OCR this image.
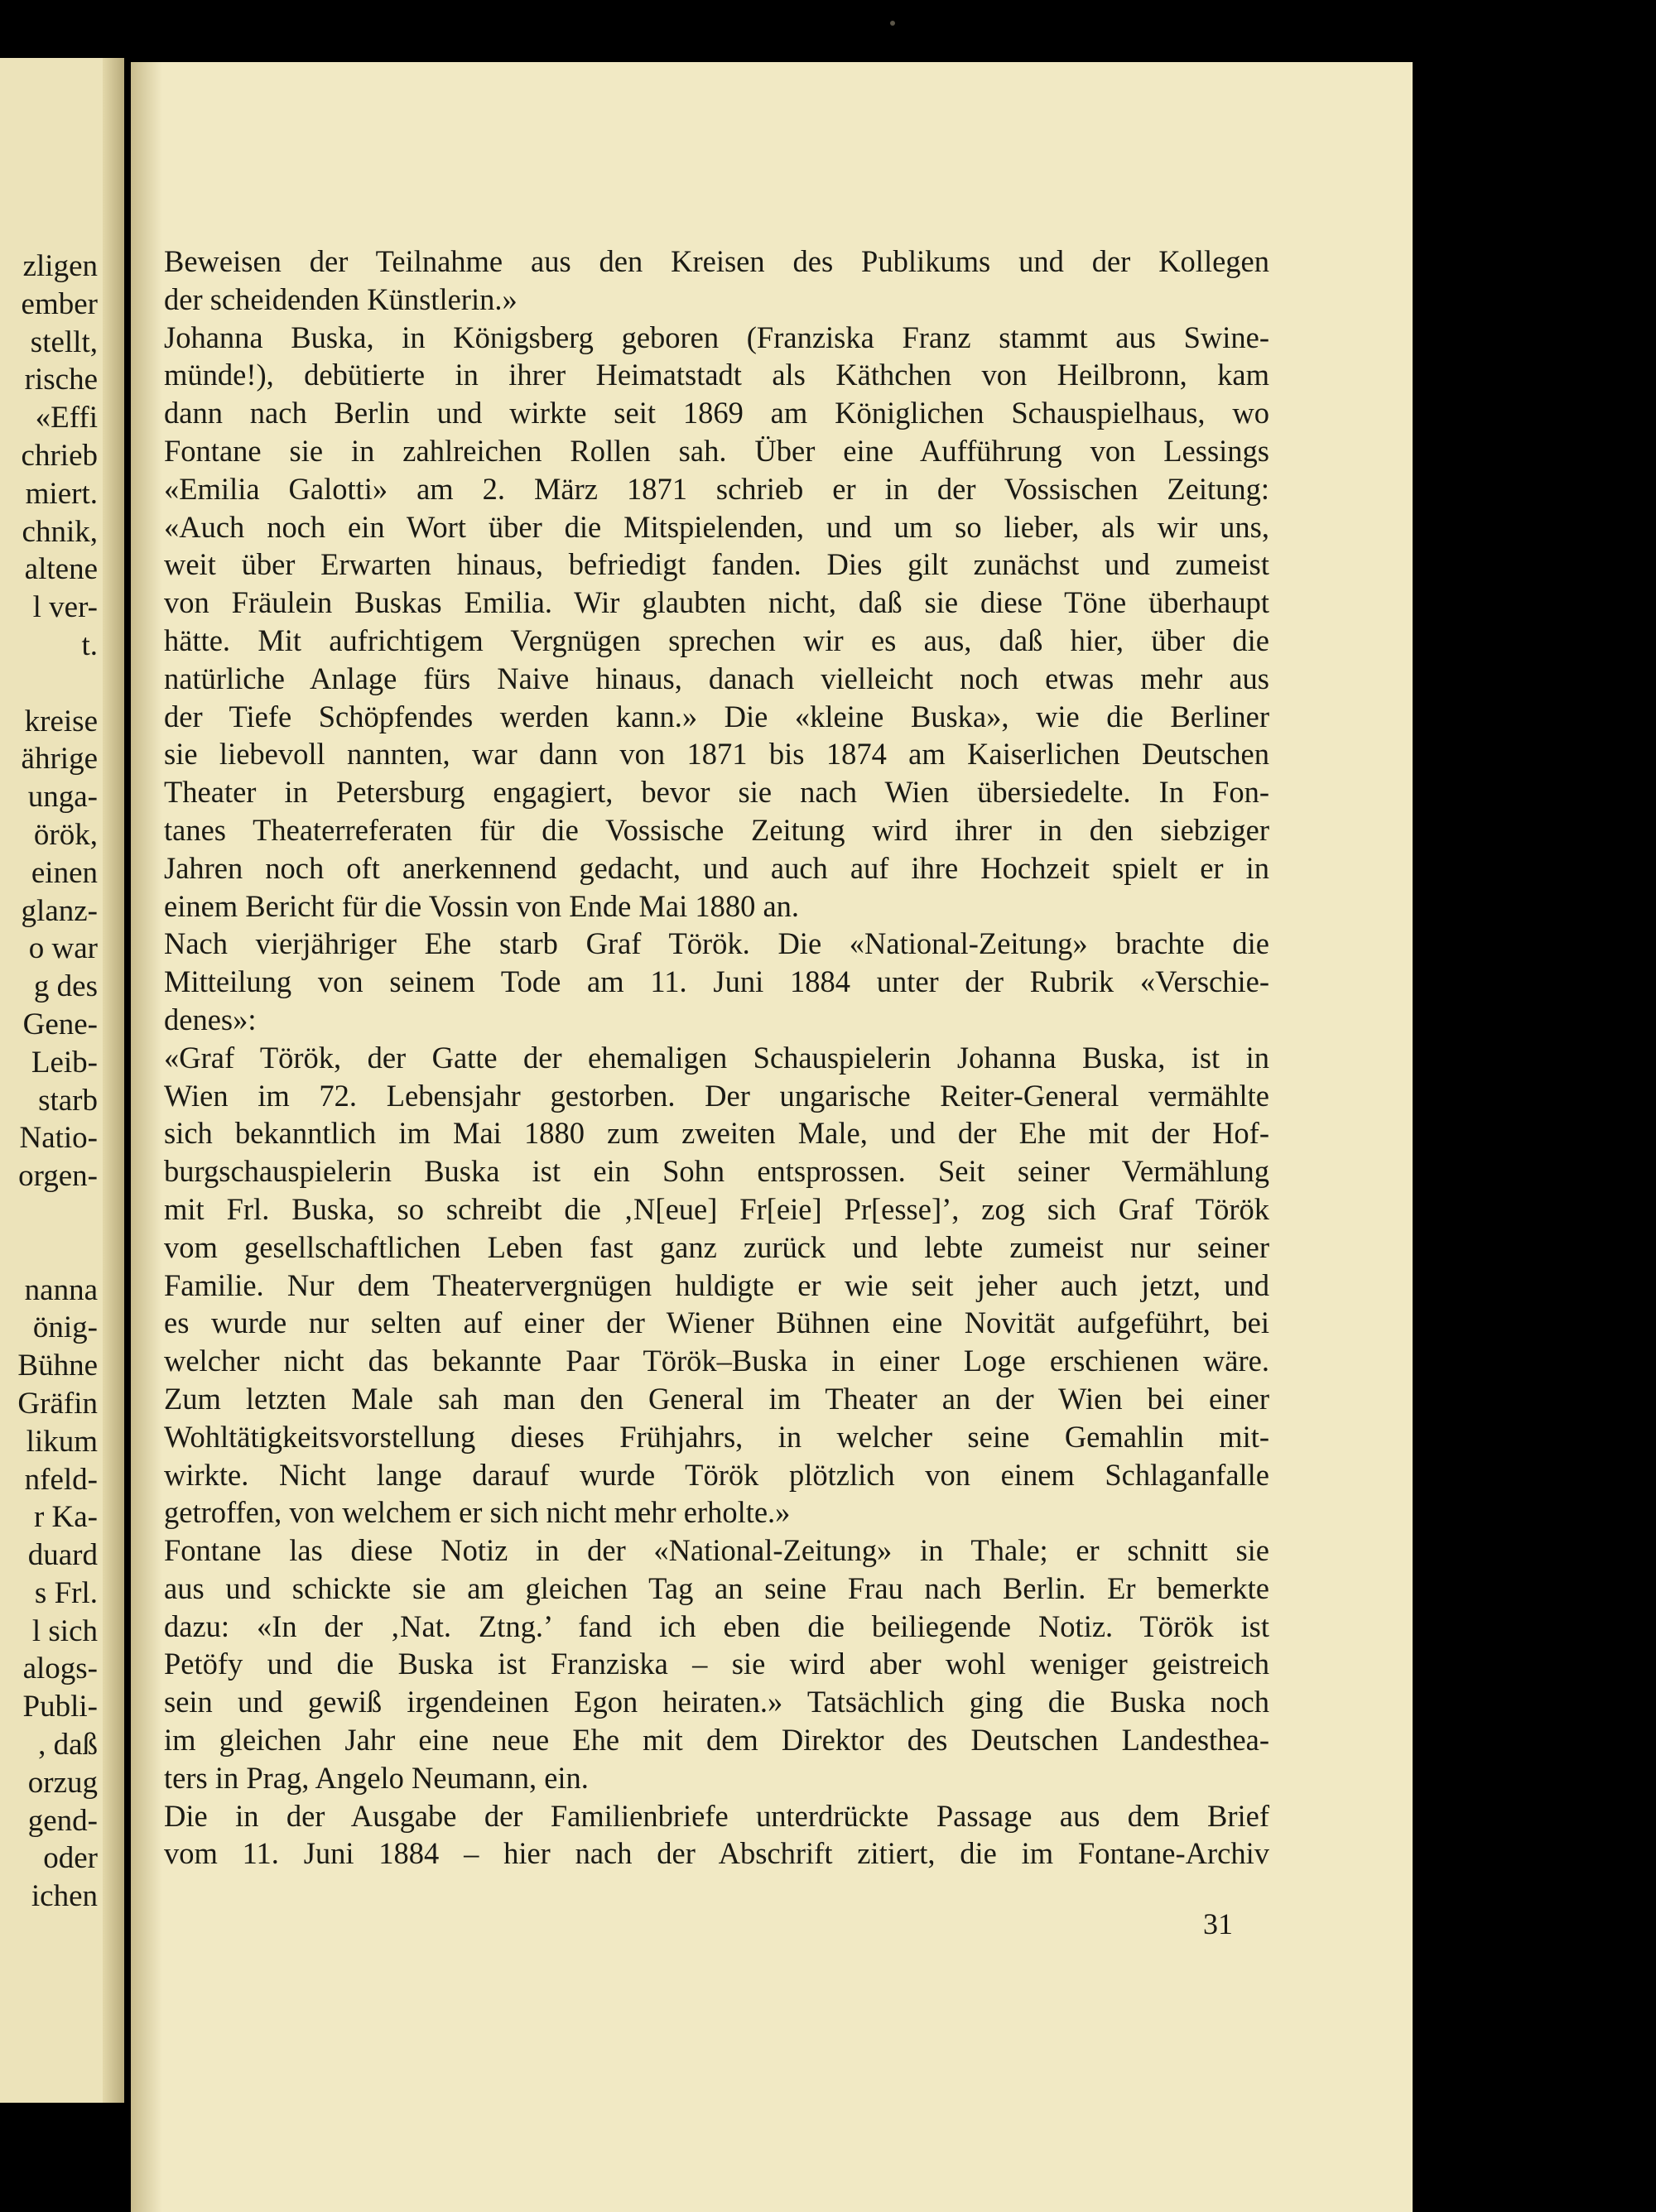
zligen
ember
stellt,
rische
«Effi
chrieb
miert.
chnik,
altene
l ver-
t.

kreise
ährige
unga-
örök,
einen
glanz-
o war
g des
Gene-
Leib-
starb
Natio-
orgen-

nanna
önig-
Bühne
Gräfin
likum
nfeld-
r Ka-
duard
s Frl.
l sich
alogs-
Publi-
, daß
orzug
gend-
oder
ichen
Beweisen der Teilnahme aus den Kreisen des Publikums und der Kollegen
der scheidenden Künstlerin.»
Johanna Buska, in Königsberg geboren (Franziska Franz stammt aus Swine-
münde!), debütierte in ihrer Heimatstadt als Käthchen von Heilbronn, kam
dann nach Berlin und wirkte seit 1869 am Königlichen Schauspielhaus, wo
Fontane sie in zahlreichen Rollen sah. Über eine Aufführung von Lessings
«Emilia Galotti» am 2. März 1871 schrieb er in der Vossischen Zeitung:
«Auch noch ein Wort über die Mitspielenden, und um so lieber, als wir uns,
weit über Erwarten hinaus, befriedigt fanden. Dies gilt zunächst und zumeist
von Fräulein Buskas Emilia. Wir glaubten nicht, daß sie diese Töne überhaupt
hätte. Mit aufrichtigem Vergnügen sprechen wir es aus, daß hier, über die
natürliche Anlage fürs Naive hinaus, danach vielleicht noch etwas mehr aus
der Tiefe Schöpfendes werden kann.» Die «kleine Buska», wie die Berliner
sie liebevoll nannten, war dann von 1871 bis 1874 am Kaiserlichen Deutschen
Theater in Petersburg engagiert, bevor sie nach Wien übersiedelte. In Fon-
tanes Theaterreferaten für die Vossische Zeitung wird ihrer in den siebziger
Jahren noch oft anerkennend gedacht, und auch auf ihre Hochzeit spielt er in
einem Bericht für die Vossin von Ende Mai 1880 an.
Nach vierjähriger Ehe starb Graf Török. Die «National-Zeitung» brachte die
Mitteilung von seinem Tode am 11. Juni 1884 unter der Rubrik «Verschie-
denes»:
«Graf Török, der Gatte der ehemaligen Schauspielerin Johanna Buska, ist in
Wien im 72. Lebensjahr gestorben. Der ungarische Reiter-General vermählte
sich bekanntlich im Mai 1880 zum zweiten Male, und der Ehe mit der Hof-
burgschauspielerin Buska ist ein Sohn entsprossen. Seit seiner Vermählung
mit Frl. Buska, so schreibt die ‚N[eue] Fr[eie] Pr[esse]’, zog sich Graf Török
vom gesellschaftlichen Leben fast ganz zurück und lebte zumeist nur seiner
Familie. Nur dem Theatervergnügen huldigte er wie seit jeher auch jetzt, und
es wurde nur selten auf einer der Wiener Bühnen eine Novität aufgeführt, bei
welcher nicht das bekannte Paar Török–Buska in einer Loge erschienen wäre.
Zum letzten Male sah man den General im Theater an der Wien bei einer
Wohltätigkeitsvorstellung dieses Frühjahrs, in welcher seine Gemahlin mit-
wirkte. Nicht lange darauf wurde Török plötzlich von einem Schlaganfalle
getroffen, von welchem er sich nicht mehr erholte.»
Fontane las diese Notiz in der «National-Zeitung» in Thale; er schnitt sie
aus und schickte sie am gleichen Tag an seine Frau nach Berlin. Er bemerkte
dazu: «In der ‚Nat. Ztng.’ fand ich eben die beiliegende Notiz. Török ist
Petöfy und die Buska ist Franziska – sie wird aber wohl weniger geistreich
sein und gewiß irgendeinen Egon heiraten.» Tatsächlich ging die Buska noch
im gleichen Jahr eine neue Ehe mit dem Direktor des Deutschen Landesthea-
ters in Prag, Angelo Neumann, ein.
Die in der Ausgabe der Familienbriefe unterdrückte Passage aus dem Brief
vom 11. Juni 1884 – hier nach der Abschrift zitiert, die im Fontane-Archiv
31
